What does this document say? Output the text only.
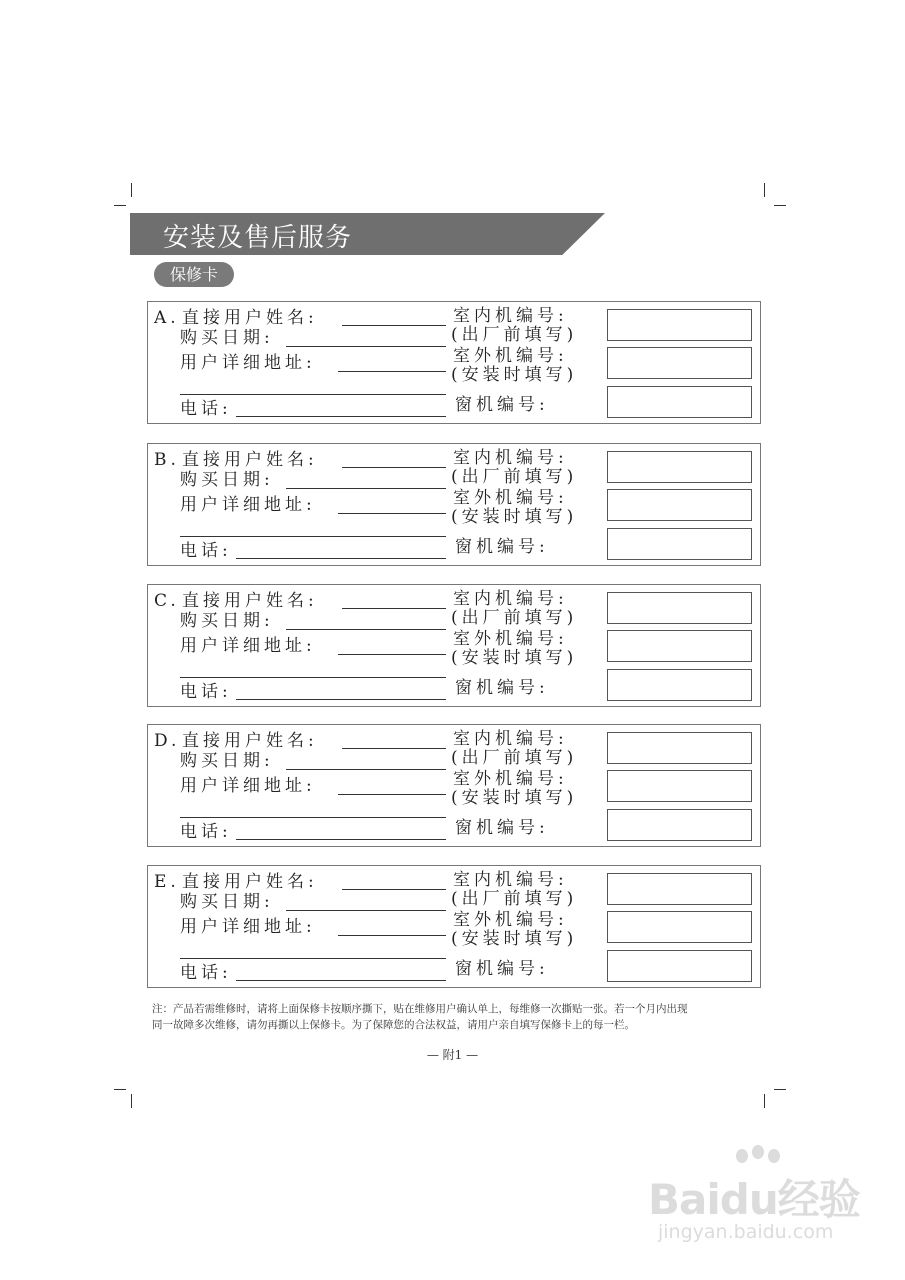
安装及售后服务
保修卡
A. 直接用户姓名:
购买日期:
用户详细地址:
电话:
室内机编号:
(出厂前填写)
室外机编号:
(安装时填写)
窗机编号:
B. 直接用户姓名:
购买日期:
用户详细地址:
电话:
室内机编号:
(出厂前填写)
室外机编号:
(安装时填写)
窗机编号:
C. 直接用户姓名:
购买日期:
用户详细地址:
电话:
室内机编号:
(出厂前填写)
室外机编号:
(安装时填写)
窗机编号:
D. 直接用户姓名:
购买日期:
用户详细地址:
电话:
室内机编号:
(出厂前填写)
室外机编号:
(安装时填写)
窗机编号:
E. 直接用户姓名:
购买日期:
用户详细地址:
电话:
室内机编号:
(出厂前填写)
室外机编号:
(安装时填写)
窗机编号:

注：产品若需维修时，请将上面保修卡按顺序撕下，贴在维修用户确认单上，每维修一次撕贴一张。若一个月内出现

同一故障多次维修，请勿再撕以上保修卡。为了保障您的合法权益，请用户亲自填写保修卡上的每一栏。

— 附1 —
Baidu经验
jingyan.baidu.com
